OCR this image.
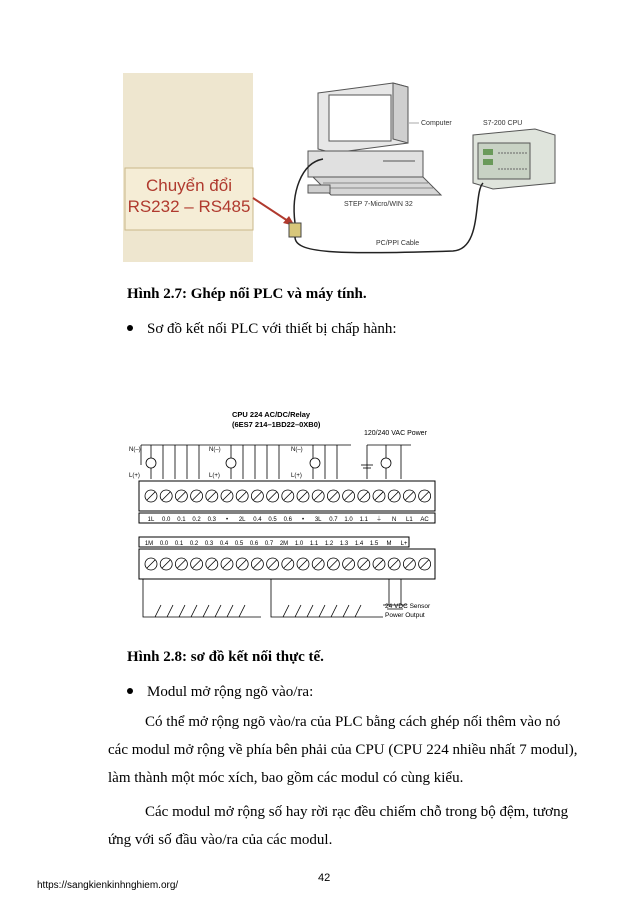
Chuyển đổi
RS232 – RS485
Computer
STEP 7-Micro/WIN 32
S7-200 CPU
PC/PPI Cable
Hình 2.7: Ghép nối PLC và máy tính.
Sơ đồ kết nối PLC với thiết bị chấp hành:
CPU 224 AC/DC/Relay
(6ES7 214–1BD22–0XB0)
120/240 VAC Power
N(–)
L(+)
N(–)
L(+)
N(–)
L(+)
1L 0.0 0.1 0.2 0.3 • 2L 0.4 0.5 0.6 • 3L 0.7 1.0 1.1 ⏚ N L1 AC
1M 0.0 0.1 0.2 0.3 0.4 0.5 0.6 0.7 2M 1.0 1.1 1.2 1.3 1.4 1.5 M L+
24 VDC Sensor
Power Output
Hình 2.8: sơ đồ kết nối thực tế.
Modul mở rộng ngõ vào/ra:
Có thể mở rộng ngõ vào/ra của PLC bằng cách ghép nối thêm vào nó
các modul mở rộng về phía bên phải của CPU (CPU 224 nhiều nhất 7 modul),
làm thành một móc xích, bao gồm các modul có cùng kiểu.
Các modul mở rộng số hay rời rạc đều chiếm chỗ trong bộ đệm, tương
ứng với số đầu vào/ra của các modul.
42
https://sangkienkinhnghiem.org/
